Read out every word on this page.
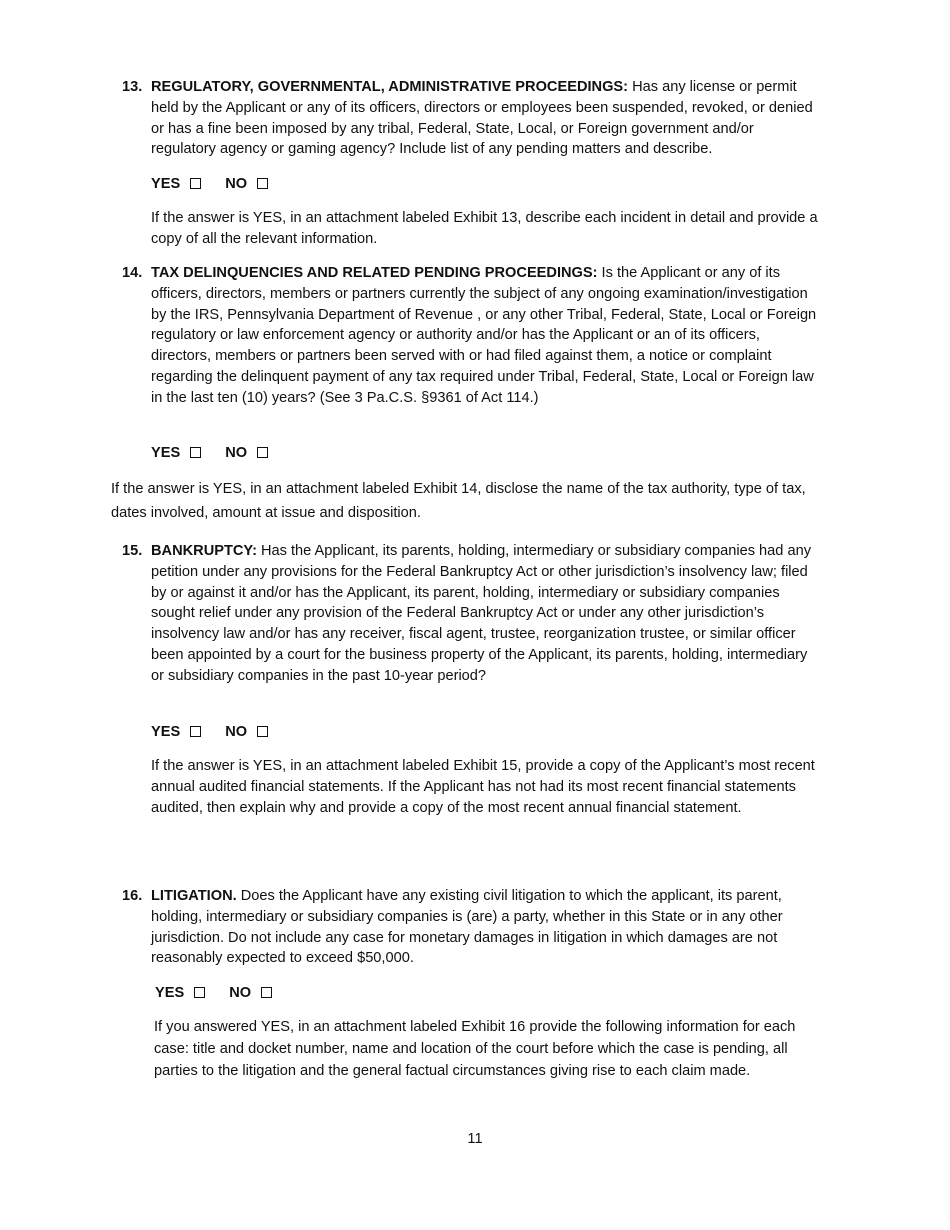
13. REGULATORY, GOVERNMENTAL, ADMINISTRATIVE PROCEEDINGS: Has any license or permit held by the Applicant or any of its officers, directors or employees been suspended, revoked, or denied or has a fine been imposed by any tribal, Federal, State, Local, or Foreign government and/or regulatory agency or gaming agency? Include list of any pending matters and describe.
YES	NO
If the answer is YES, in an attachment labeled Exhibit 13, describe each incident in detail and provide a copy of all the relevant information.
14. TAX DELINQUENCIES AND RELATED PENDING PROCEEDINGS: Is the Applicant or any of its officers, directors, members or partners currently the subject of any ongoing examination/investigation by the IRS, Pennsylvania Department of Revenue , or any other Tribal, Federal, State, Local or Foreign regulatory or law enforcement agency or authority and/or has the Applicant or an of its officers, directors, members or partners been served with or had filed against them, a notice or complaint regarding the delinquent payment of any tax required under Tribal, Federal, State, Local or Foreign law in the last ten (10) years? (See 3 Pa.C.S. §9361 of Act 114.)
YES	NO
If the answer is YES, in an attachment labeled Exhibit 14, disclose the name of the tax authority, type of tax, dates involved, amount at issue and disposition.
15. BANKRUPTCY: Has the Applicant, its parents, holding, intermediary or subsidiary companies had any petition under any provisions for the Federal Bankruptcy Act or other jurisdiction’s insolvency law; filed by or against it and/or has the Applicant, its parent, holding, intermediary or subsidiary companies sought relief under any provision of the Federal Bankruptcy Act or under any other jurisdiction’s insolvency law and/or has any receiver, fiscal agent, trustee, reorganization trustee, or similar officer been appointed by a court for the business property of the Applicant, its parents, holding, intermediary or subsidiary companies in the past 10-year period?
YES	NO
If the answer is YES, in an attachment labeled Exhibit 15, provide a copy of the Applicant’s most recent annual audited financial statements. If the Applicant has not had its most recent financial statements audited, then explain why and provide a copy of the most recent annual financial statement.
16. LITIGATION. Does the Applicant have any existing civil litigation to which the applicant, its parent, holding, intermediary or subsidiary companies is (are) a party, whether in this State or in any other jurisdiction. Do not include any case for monetary damages in litigation in which damages are not reasonably expected to exceed $50,000.
YES	NO
If you answered YES, in an attachment labeled Exhibit 16 provide the following information for each case: title and docket number, name and location of the court before which the case is pending, all parties to the litigation and the general factual circumstances giving rise to each claim made.
11
